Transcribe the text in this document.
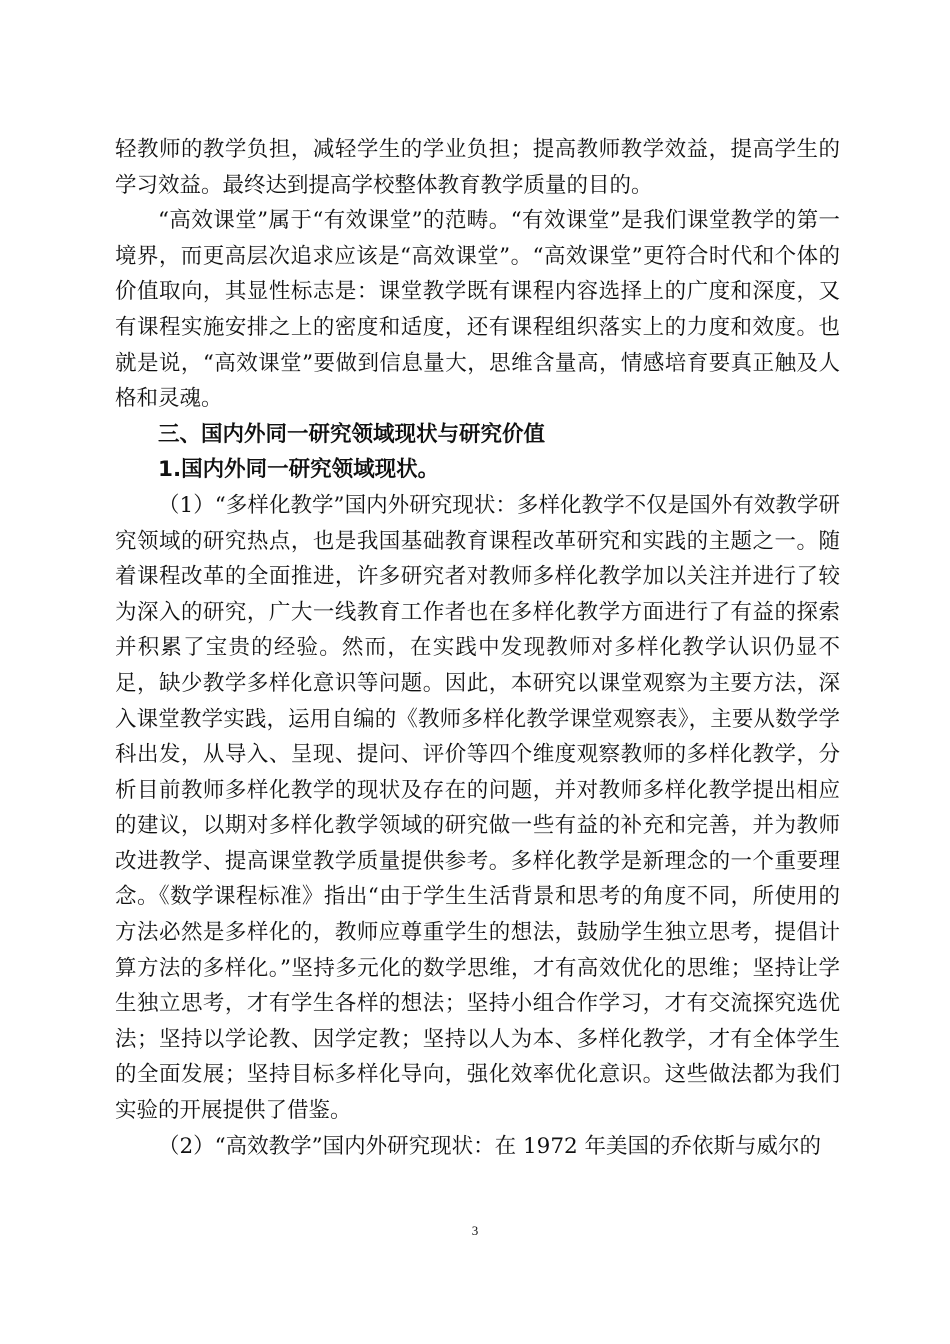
轻教师的教学负担，减轻学生的学业负担；提高教师教学效益，提高学生的学习效益。最终达到提高学校整体教育教学质量的目的。

“高效课堂”属于“有效课堂”的范畴。“有效课堂”是我们课堂教学的第一境界，而更高层次追求应该是“高效课堂”。“高效课堂”更符合时代和个体的价值取向，其显性标志是：课堂教学既有课程内容选择上的广度和深度，又有课程实施安排之上的密度和适度，还有课程组织落实上的力度和效度。也就是说，“高效课堂”要做到信息量大，思维含量高，情感培育要真正触及人格和灵魂。

三、国内外同一研究领域现状与研究价值

1.国内外同一研究领域现状。

（1）“多样化教学”国内外研究现状：多样化教学不仅是国外有效教学研究领域的研究热点，也是我国基础教育课程改革研究和实践的主题之一。随着课程改革的全面推进，许多研究者对教师多样化教学加以关注并进行了较为深入的研究，广大一线教育工作者也在多样化教学方面进行了有益的探索并积累了宝贵的经验。然而，在实践中发现教师对多样化教学认识仍显不足，缺少教学多样化意识等问题。因此，本研究以课堂观察为主要方法，深入课堂教学实践，运用自编的《教师多样化教学课堂观察表》，主要从数学学科出发，从导入、呈现、提问、评价等四个维度观察教师的多样化教学，分析目前教师多样化教学的现状及存在的问题，并对教师多样化教学提出相应的建议，以期对多样化教学领域的研究做一些有益的补充和完善，并为教师改进教学、提高课堂教学质量提供参考。多样化教学是新理念的一个重要理念。《数学课程标准》指出“由于学生生活背景和思考的角度不同，所使用的方法必然是多样化的，教师应尊重学生的想法，鼓励学生独立思考，提倡计算方法的多样化。”坚持多元化的数学思维，才有高效优化的思维；坚持让学生独立思考，才有学生各样的想法；坚持小组合作学习，才有交流探究选优法；坚持以学论教、因学定教；坚持以人为本、多样化教学，才有全体学生的全面发展；坚持目标多样化导向，强化效率优化意识。这些做法都为我们实验的开展提供了借鉴。

（2）“高效教学”国内外研究现状：在 1972 年美国的乔依斯与威尔的

3
